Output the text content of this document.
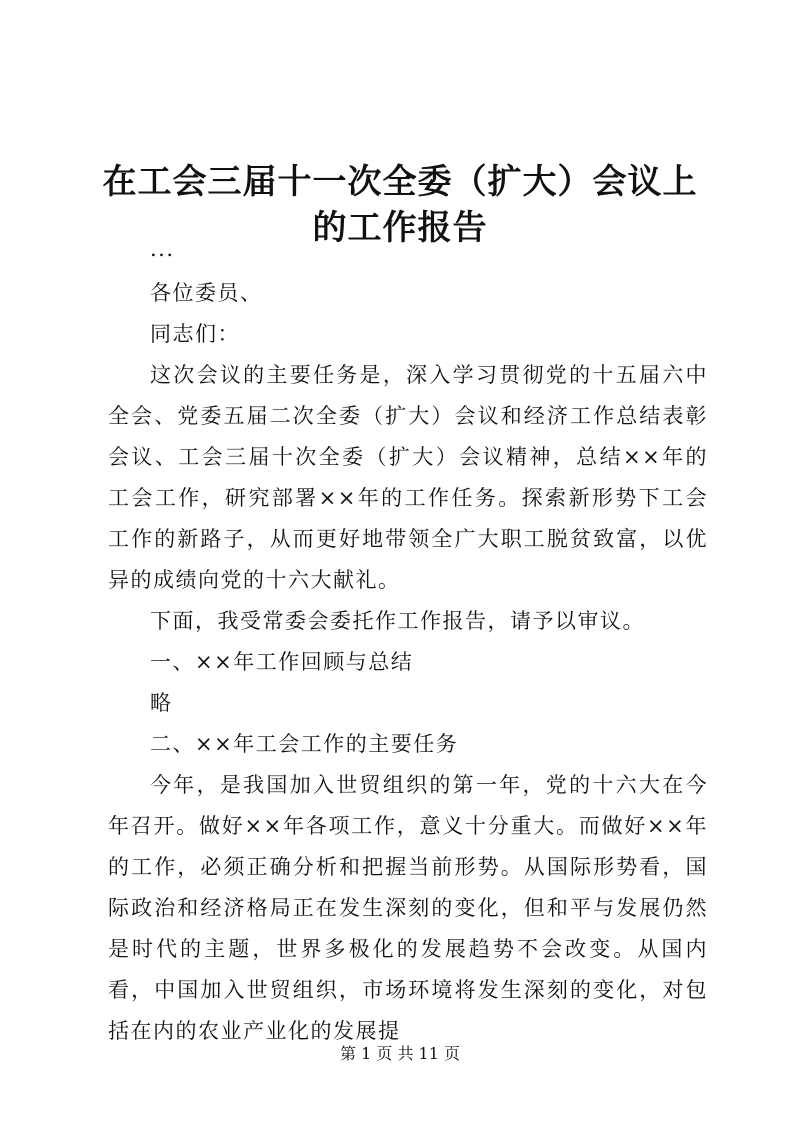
在工会三届十一次全委（扩大）会议上的工作报告

...

各位委员、

同志们：

这次会议的主要任务是，深入学习贯彻党的十五届六中全会、党委五届二次全委（扩大）会议和经济工作总结表彰会议、工会三届十次全委（扩大）会议精神，总结××年的工会工作，研究部署××年的工作任务。探索新形势下工会工作的新路子，从而更好地带领全广大职工脱贫致富，以优异的成绩向党的十六大献礼。

下面，我受常委会委托作工作报告，请予以审议。

一、××年工作回顾与总结

略

二、××年工会工作的主要任务

今年，是我国加入世贸组织的第一年，党的十六大在今年召开。做好××年各项工作，意义十分重大。而做好××年的工作，必须正确分析和把握当前形势。从国际形势看，国际政治和经济格局正在发生深刻的变化，但和平与发展仍然是时代的主题，世界多极化的发展趋势不会改变。从国内看，中国加入世贸组织，市场环境将发生深刻的变化，对包括在内的农业产业化的发展提

第 1 页 共 11 页
